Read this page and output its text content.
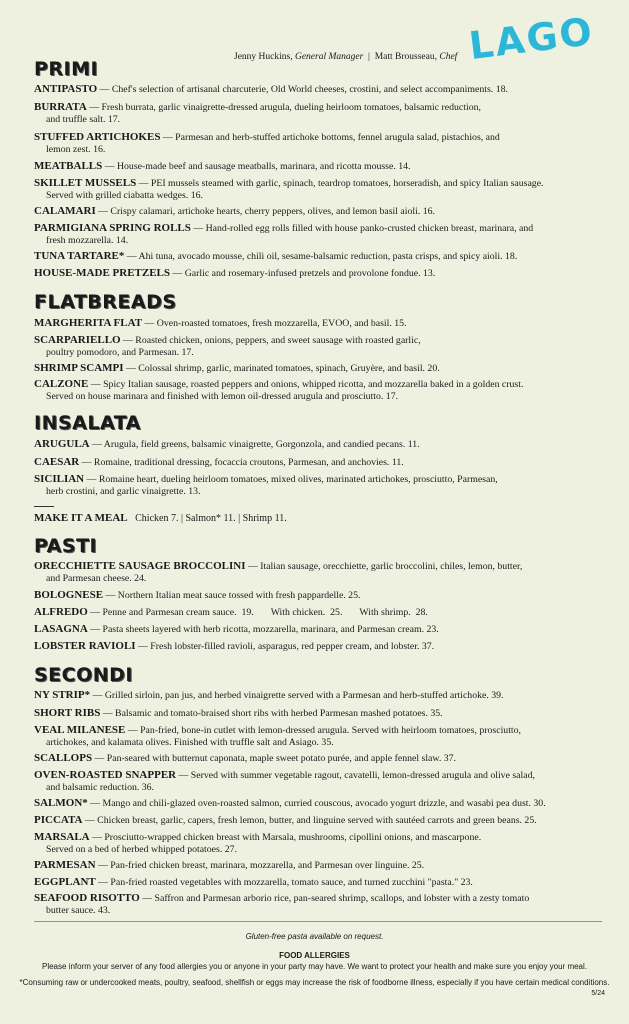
Jenny Huckins, General Manager | Matt Brousseau, Chef LAGO
PRIMI
ANTIPASTO — Chef's selection of artisanal charcuterie, Old World cheeses, crostini, and select accompaniments. 18.
BURRATA — Fresh burrata, garlic vinaigrette-dressed arugula, dueling heirloom tomatoes, balsamic reduction,
and truffle salt. 17.
STUFFED ARTICHOKES — Parmesan and herb-stuffed artichoke bottoms, fennel arugula salad, pistachios, and
lemon zest. 16.
MEATBALLS — House-made beef and sausage meatballs, marinara, and ricotta mousse. 14.
SKILLET MUSSELS — PEI mussels steamed with garlic, spinach, teardrop tomatoes, horseradish, and spicy Italian sausage.
Served with grilled ciabatta wedges. 16.
CALAMARI — Crispy calamari, artichoke hearts, cherry peppers, olives, and lemon basil aioli. 16.
PARMIGIANA SPRING ROLLS — Hand-rolled egg rolls filled with house panko-crusted chicken breast, marinara, and
fresh mozzarella. 14.
TUNA TARTARE* — Ahi tuna, avocado mousse, chili oil, sesame-balsamic reduction, pasta crisps, and spicy aioli. 18.
HOUSE-MADE PRETZELS — Garlic and rosemary-infused pretzels and provolone fondue. 13.
FLATBREADS
MARGHERITA FLAT — Oven-roasted tomatoes, fresh mozzarella, EVOO, and basil. 15.
SCARPARIELLO — Roasted chicken, onions, peppers, and sweet sausage with roasted garlic,
poultry pomodoro, and Parmesan. 17.
SHRIMP SCAMPI — Colossal shrimp, garlic, marinated tomatoes, spinach, Gruyère, and basil. 20.
CALZONE — Spicy Italian sausage, roasted peppers and onions, whipped ricotta, and mozzarella baked in a golden crust.
Served on house marinara and finished with lemon oil-dressed arugula and prosciutto. 17.
INSALATA
ARUGULA — Arugula, field greens, balsamic vinaigrette, Gorgonzola, and candied pecans. 11.
CAESAR — Romaine, traditional dressing, focaccia croutons, Parmesan, and anchovies. 11.
SICILIAN — Romaine heart, dueling heirloom tomatoes, mixed olives, marinated artichokes, prosciutto, Parmesan,
herb crostini, and garlic vinaigrette. 13.
MAKE IT A MEAL Chicken 7. | Salmon* 11. | Shrimp 11.
PASTI
ORECCHIETTE SAUSAGE BROCCOLINI — Italian sausage, orecchiette, garlic broccolini, chiles, lemon, butter,
and Parmesan cheese. 24.
BOLOGNESE — Northern Italian meat sauce tossed with fresh pappardelle. 25.
ALFREDO — Penne and Parmesan cream sauce.  19.       With chicken.  25.       With shrimp.  28.
LASAGNA — Pasta sheets layered with herb ricotta, mozzarella, marinara, and Parmesan cream. 23.
LOBSTER RAVIOLI — Fresh lobster-filled ravioli, asparagus, red pepper cream, and lobster. 37.
SECONDI
NY STRIP* — Grilled sirloin, pan jus, and herbed vinaigrette served with a Parmesan and herb-stuffed artichoke. 39.
SHORT RIBS — Balsamic and tomato-braised short ribs with herbed Parmesan mashed potatoes. 35.
VEAL MILANESE — Pan-fried, bone-in cutlet with lemon-dressed arugula. Served with heirloom tomatoes, prosciutto,
artichokes, and kalamata olives. Finished with truffle salt and Asiago. 35.
SCALLOPS — Pan-seared with butternut caponata, maple sweet potato purée, and apple fennel slaw. 37.
OVEN-ROASTED SNAPPER — Served with summer vegetable ragout, cavatelli, lemon-dressed arugula and olive salad,
and balsamic reduction. 36.
SALMON* — Mango and chili-glazed oven-roasted salmon, curried couscous, avocado yogurt drizzle, and wasabi pea dust. 30.
PICCATA — Chicken breast, garlic, capers, fresh lemon, butter, and linguine served with sautéed carrots and green beans. 25.
MARSALA — Prosciutto-wrapped chicken breast with Marsala, mushrooms, cipollini onions, and mascarpone.
Served on a bed of herbed whipped potatoes. 27.
PARMESAN — Pan-fried chicken breast, marinara, mozzarella, and Parmesan over linguine. 25.
EGGPLANT — Pan-fried roasted vegetables with mozzarella, tomato sauce, and turned zucchini "pasta." 23.
SEAFOOD RISOTTO — Saffron and Parmesan arborio rice, pan-seared shrimp, scallops, and lobster with a zesty tomato
butter sauce. 43.
Gluten-free pasta available on request.
FOOD ALLERGIES
Please inform your server of any food allergies you or anyone in your party may have. We want to protect your health and make sure you enjoy your meal.
*Consuming raw or undercooked meats, poultry, seafood, shellfish or eggs may increase the risk of foodborne illness, especially if you have certain medical conditions.
5/24
